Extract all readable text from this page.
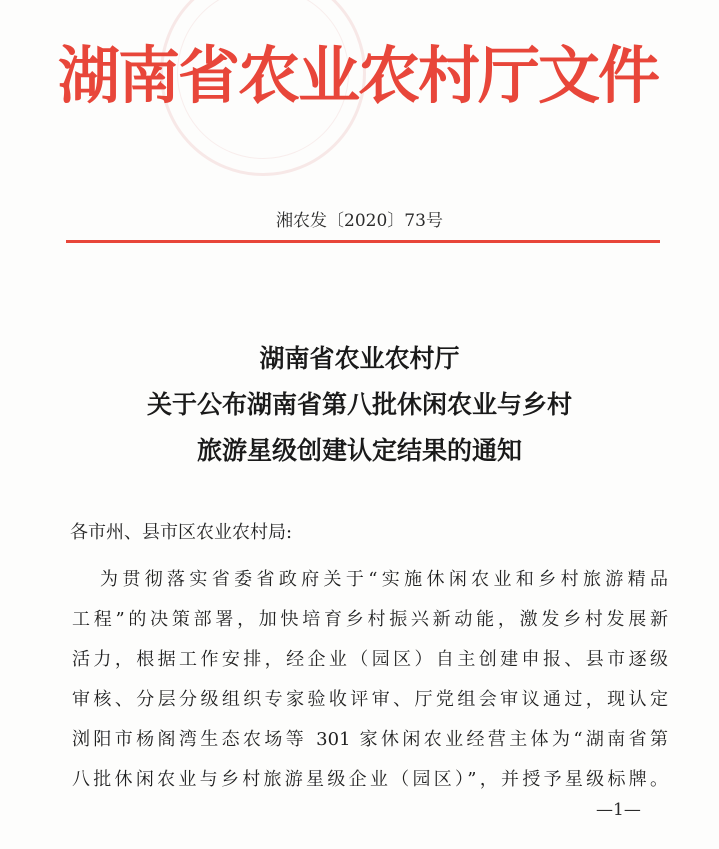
湖南省农业农村厅文件
湘农发〔2020〕73号
湖南省农业农村厅
关于公布湖南省第八批休闲农业与乡村
旅游星级创建认定结果的通知
各市州、县市区农业农村局:
为贯彻落实省委省政府关于“实施休闲农业和乡村旅游精品
工程”的决策部署，加快培育乡村振兴新动能，激发乡村发展新
活力，根据工作安排，经企业（园区）自主创建申报、县市逐级
审核、分层分级组织专家验收评审、厅党组会审议通过，现认定
浏阳市杨阁湾生态农场等 301 家休闲农业经营主体为“湖南省第
八批休闲农业与乡村旅游星级企业（园区）”，并授予星级标牌。
—1—
